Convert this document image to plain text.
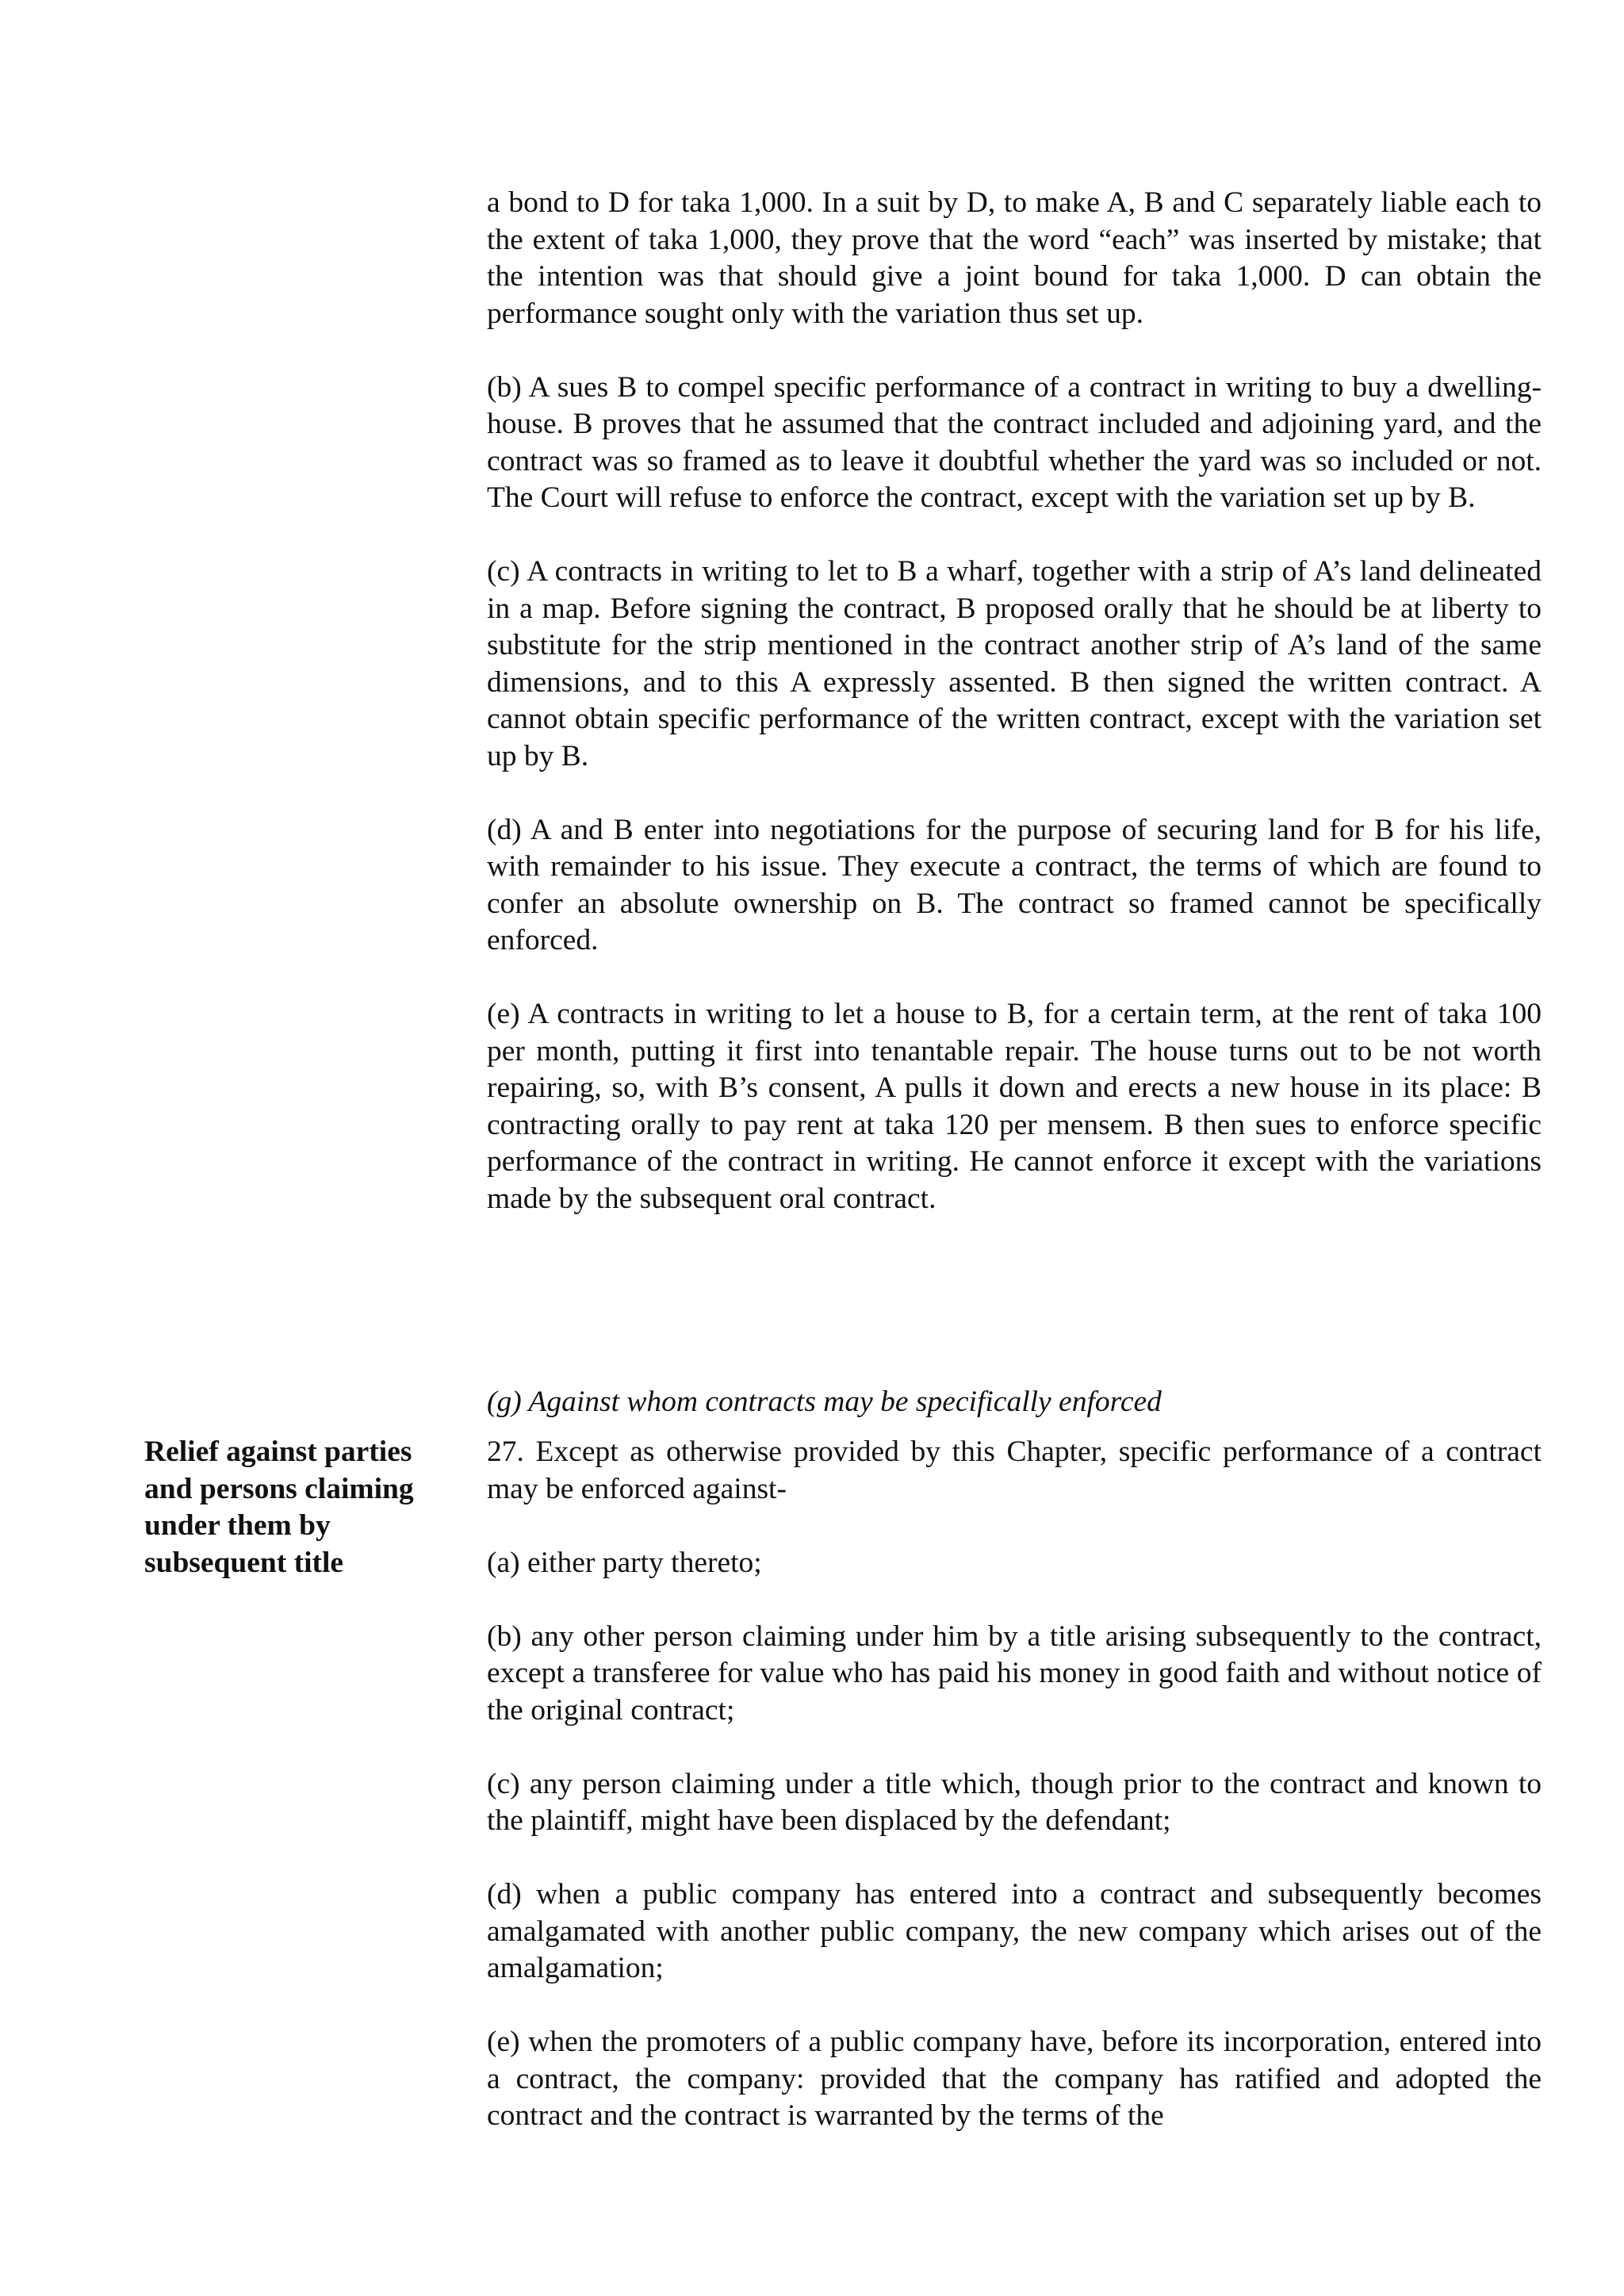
a bond to D for taka 1,000. In a suit by D, to make A, B and C separately liable each to the extent of taka 1,000, they prove that the word “each” was inserted by mistake; that the intention was that should give a joint bound for taka 1,000. D can obtain the performance sought only with the variation thus set up.

(b) A sues B to compel specific performance of a contract in writing to buy a dwelling-house. B proves that he assumed that the contract included and adjoining yard, and the contract was so framed as to leave it doubtful whether the yard was so included or not. The Court will refuse to enforce the contract, except with the variation set up by B.

(c) A contracts in writing to let to B a wharf, together with a strip of A’s land delineated in a map. Before signing the contract, B proposed orally that he should be at liberty to substitute for the strip mentioned in the contract another strip of A’s land of the same dimensions, and to this A expressly assented. B then signed the written contract. A cannot obtain specific performance of the written contract, except with the variation set up by B.

(d) A and B enter into negotiations for the purpose of securing land for B for his life, with remainder to his issue. They execute a contract, the terms of which are found to confer an absolute ownership on B. The contract so framed cannot be specifically enforced.

(e) A contracts in writing to let a house to B, for a certain term, at the rent of taka 100 per month, putting it first into tenantable repair. The house turns out to be not worth repairing, so, with B’s consent, A pulls it down and erects a new house in its place: B contracting orally to pay rent at taka 120 per mensem. B then sues to enforce specific performance of the contract in writing. He cannot enforce it except with the variations made by the subsequent oral contract.

(g) Against whom contracts may be specifically enforced

Relief against parties and persons claiming under them by subsequent title

27. Except as otherwise provided by this Chapter, specific performance of a contract may be enforced against-

(a) either party thereto;

(b) any other person claiming under him by a title arising subsequently to the contract, except a transferee for value who has paid his money in good faith and without notice of the original contract;

(c) any person claiming under a title which, though prior to the contract and known to the plaintiff, might have been displaced by the defendant;

(d) when a public company has entered into a contract and subsequently becomes amalgamated with another public company, the new company which arises out of the amalgamation;

(e) when the promoters of a public company have, before its incorporation, entered into a contract, the company: provided that the company has ratified and adopted the contract and the contract is warranted by the terms of the
